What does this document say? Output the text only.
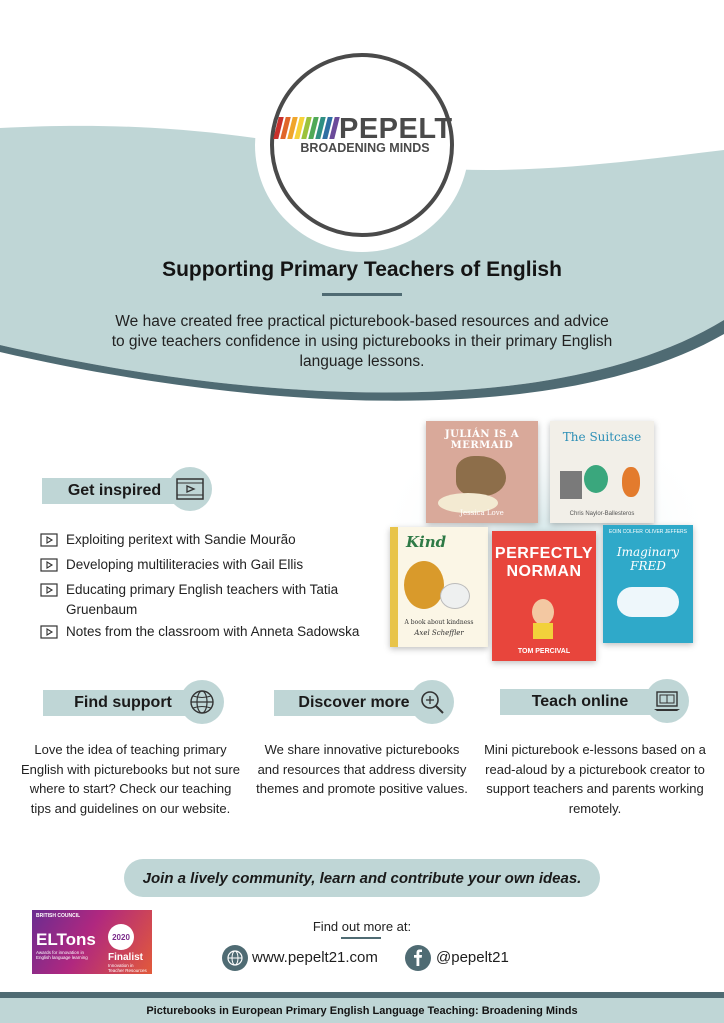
PEPELT
BROADENING MINDS
Supporting Primary Teachers of English
We have created free practical picturebook-based resources and advice to give teachers confidence in using picturebooks in their primary English language lessons.
Get inspired
Exploiting peritext with Sandie Mourão
Developing multiliteracies with Gail Ellis
Educating primary English teachers with Tatia Gruenbaum
Notes from the classroom with Anneta Sadowska
JULIÁN IS A MERMAID
Jessica Love
The Suitcase
Chris Naylor-Ballesteros
Kind
A book about kindness
Axel Scheffler
PERFECTLY NORMAN
TOM PERCIVAL
EOIN COLFER OLIVER JEFFERS
Imaginary FRED
Find support
Love the idea of teaching primary English with picturebooks but not sure where to start? Check our teaching tips and guidelines on our website.
Discover more
We share innovative picturebooks and resources that address diversity themes and promote positive values.
Teach online
Mini picturebook e-lessons based on a read-aloud by a picturebook creator to support teachers and parents working remotely.
Join a lively community, learn and contribute your own ideas.
BRITISH COUNCIL
ELTons
Awards for innovation in English language learning
2020
Finalist
Innovation in Teacher Resources
Find out more at:
www.pepelt21.com	@pepelt21
Picturebooks in European Primary English Language Teaching: Broadening Minds
